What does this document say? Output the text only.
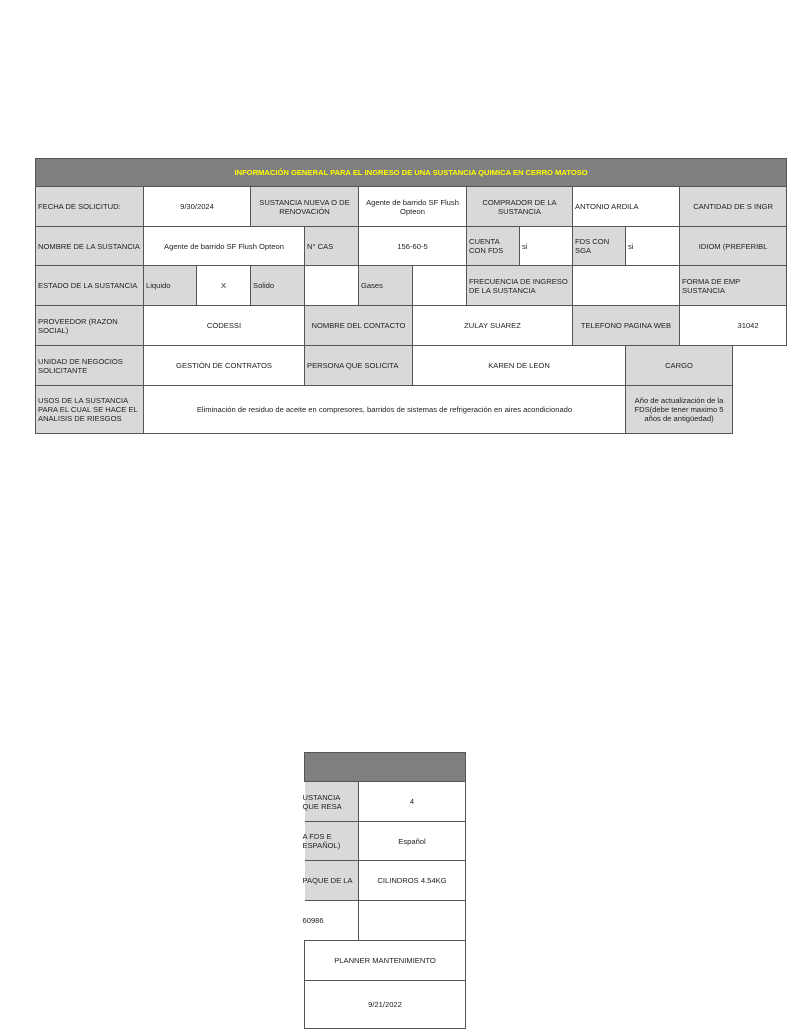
INFORMACIÓN GENERAL PARA EL INGRESO DE UNA SUSTANCIA QUIMICA EN CERRO MATOSO											
FECHA DE SOLICITUD:	9/30/2024		SUSTANCIA NUEVA O DE RENOVACIÓN		Agente de barrido SF Flush Opteon		COMPRADOR DE LA SUSTANCIA		ANTONIO ARDILA		CANTIDAD DE S INGR
NOMBRE DE LA SUSTANCIA	Agente de barrido SF Flush Opteon			N° CAS	156-60-5		CUENTA CON FDS	si	FDS CON SGA	si	IDIOM (PREFERIBL
ESTADO DE LA SUSTANCIA	Liquido	X	Solido		Gases		FRECUENCIA DE INGRESO DE LA SUSTANCIA				FORMA DE EMP SUSTANCIA
PROVEEDOR (RAZON SOCIAL)	CODESSI			NOMBRE DEL CONTACTO		ZULAY SUAREZ			TELEFONO PAGINA WEB		31042
UNIDAD DE NEGOCIOS SOLICITANTE	GESTIÓN DE CONTRATOS			PERSONA QUE SOLICITA		KAREN DE LEON				CARGO	
USOS DE LA SUSTANCIA PARA EL CUAL SE HACE EL ANALISIS DE RIESGOS	Eliminación de residuo de aceite en compresores, barridos de sistemas de refrigeración en aires acondicionado									Año de actualización de la FDS(debe tener maximo 5 años de antigüedad)	

USTANCIA QUE RESA	4

A FDS E ESPAÑOL)	Español

PAQUE DE LA	CILINDROS 4.54KG

60986	

PLANNER MANTENIMIENTO	
9/21/2022	
